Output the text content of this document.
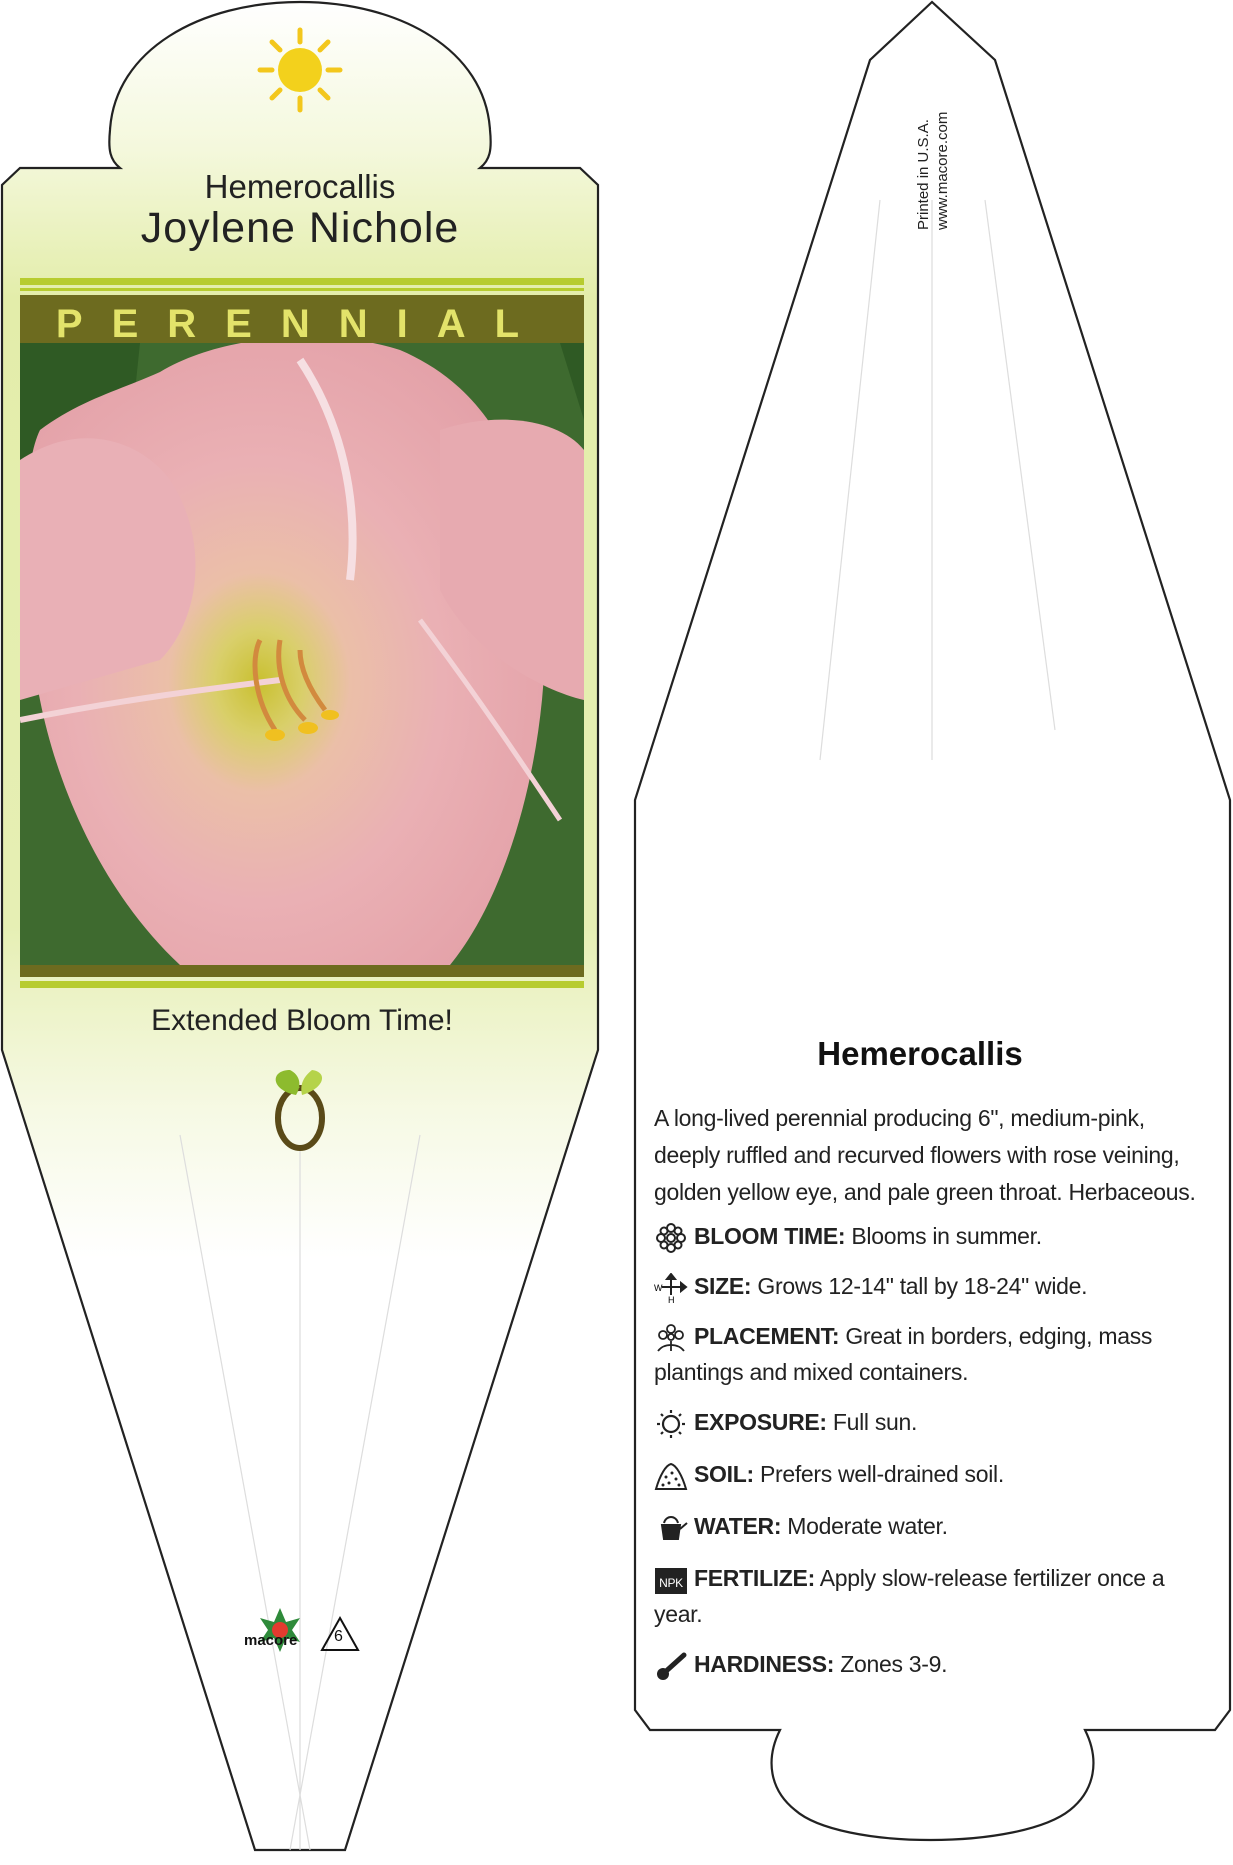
Hemerocallis
Joylene Nichole
PERENNIAL
Extended Bloom Time!
macore 6
Printed in U.S.A. www.macore.com
Hemerocallis
A long-lived perennial producing 6", medium-pink, deeply ruffled and recurved flowers with rose veining, golden yellow eye, and pale green throat. Herbaceous.
BLOOM TIME: Blooms in summer.
W
H
SIZE: Grows 12-14" tall by 18-24" wide.
PLACEMENT: Great in borders, edging, mass plantings and mixed containers.
EXPOSURE: Full sun.
SOIL: Prefers well-drained soil.
WATER: Moderate water.
NPK FERTILIZE: Apply slow-release fertilizer once a year.
HARDINESS: Zones 3-9.
